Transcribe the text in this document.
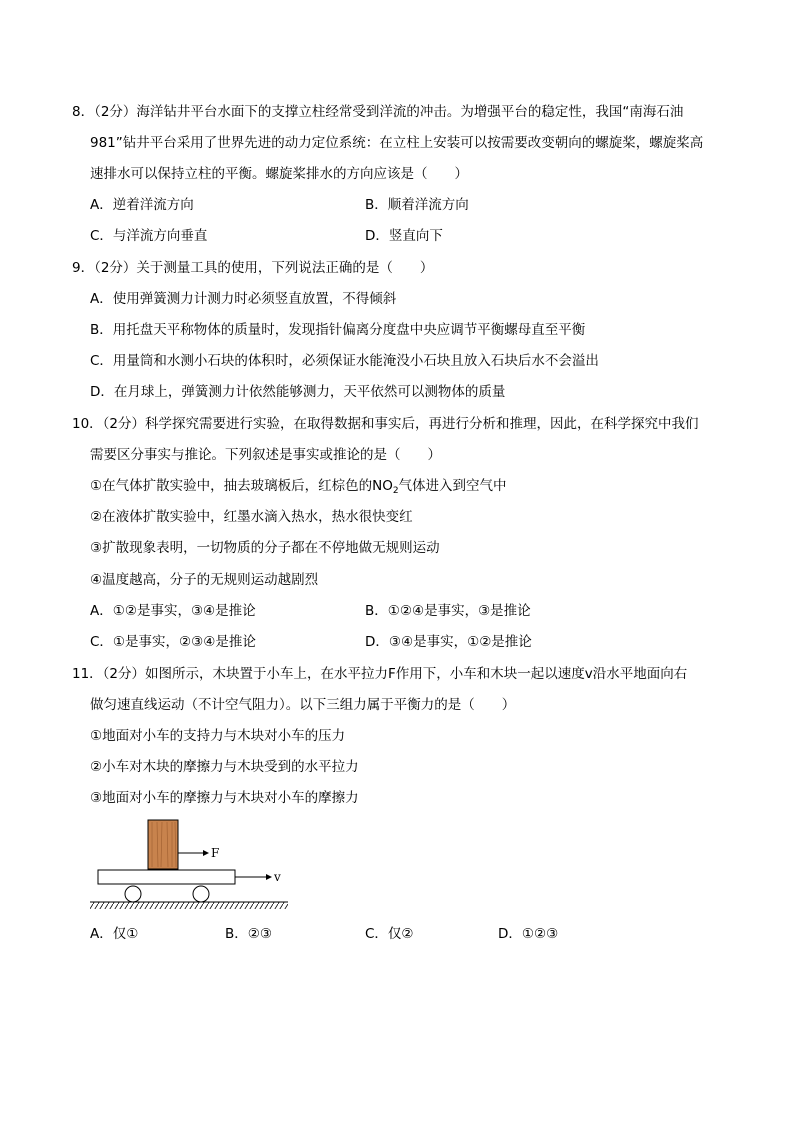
8．（2分）海洋钻井平台水面下的支撑立柱经常受到洋流的冲击。为增强平台的稳定性，我国“南海石油
981”钻井平台采用了世界先进的动力定位系统：在立柱上安装可以按需要改变朝向的螺旋桨，螺旋桨高
速排水可以保持立柱的平衡。螺旋桨排水的方向应该是（　　）
A．逆着洋流方向	B．顺着洋流方向
C．与洋流方向垂直	D．竖直向下
9．（2分）关于测量工具的使用，下列说法正确的是（　　）
A．使用弹簧测力计测力时必须竖直放置，不得倾斜
B．用托盘天平称物体的质量时，发现指针偏离分度盘中央应调节平衡螺母直至平衡
C．用量筒和水测小石块的体积时，必须保证水能淹没小石块且放入石块后水不会溢出
D．在月球上，弹簧测力计依然能够测力，天平依然可以测物体的质量
10．（2分）科学探究需要进行实验，在取得数据和事实后，再进行分析和推理，因此，在科学探究中我们
需要区分事实与推论。下列叙述是事实或推论的是（　　）
①在气体扩散实验中，抽去玻璃板后，红棕色的$NO_2$气体进入到空气中
②在液体扩散实验中，红墨水滴入热水，热水很快变红
③扩散现象表明，一切物质的分子都在不停地做无规则运动
④温度越高，分子的无规则运动越剧烈
A．①②是事实，③④是推论	B．①②④是事实，③是推论
C．①是事实，②③④是推论	D．③④是事实，①②是推论
11．（2分）如图所示，木块置于小车上，在水平拉力F作用下，小车和木块一起以速度v沿水平地面向右
做匀速直线运动（不计空气阻力）。以下三组力属于平衡力的是（　　）
①地面对小车的支持力与木块对小车的压力
②小车对木块的摩擦力与木块受到的水平拉力
③地面对小车的摩擦力与木块对小车的摩擦力
F
v
A．仅①	B．②③	C．仅②	D．①②③
